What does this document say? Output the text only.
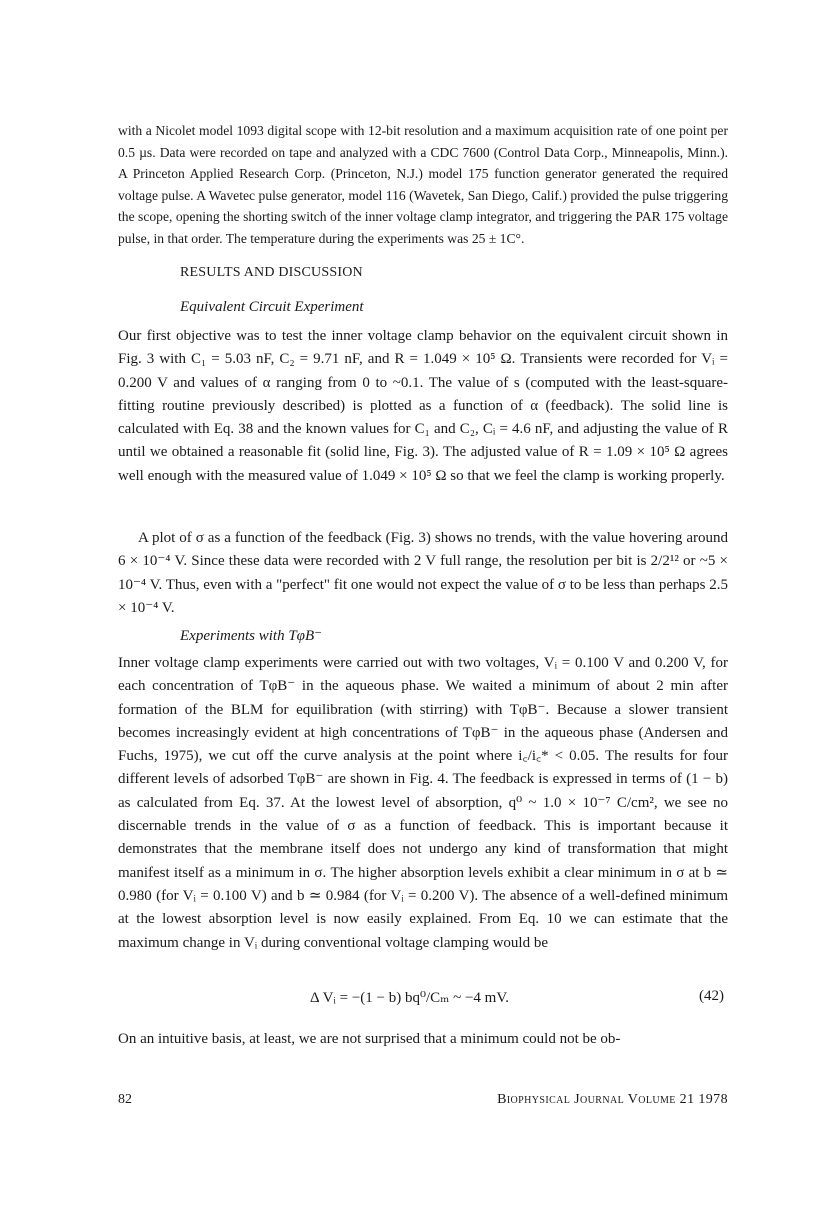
with a Nicolet model 1093 digital scope with 12-bit resolution and a maximum acquisition rate of one point per 0.5 µs. Data were recorded on tape and analyzed with a CDC 7600 (Control Data Corp., Minneapolis, Minn.). A Princeton Applied Research Corp. (Princeton, N.J.) model 175 function generator generated the required voltage pulse. A Wavetec pulse generator, model 116 (Wavetek, San Diego, Calif.) provided the pulse triggering the scope, opening the shorting switch of the inner voltage clamp integrator, and triggering the PAR 175 voltage pulse, in that order. The temperature during the experiments was 25 ± 1C°.

RESULTS AND DISCUSSION
Equivalent Circuit Experiment

Our first objective was to test the inner voltage clamp behavior on the equivalent circuit shown in Fig. 3 with C₁ = 5.03 nF, C₂ = 9.71 nF, and R = 1.049 × 10⁵ Ω. Transients were recorded for Vᵢ = 0.200 V and values of α ranging from 0 to ~0.1. The value of s (computed with the least-square-fitting routine previously described) is plotted as a function of α (feedback). The solid line is calculated with Eq. 38 and the known values for C₁ and C₂, Cᵢ = 4.6 nF, and adjusting the value of R until we obtained a reasonable fit (solid line, Fig. 3). The adjusted value of R = 1.09 × 10⁵ Ω agrees well enough with the measured value of 1.049 × 10⁵ Ω so that we feel the clamp is working properly.

A plot of σ as a function of the feedback (Fig. 3) shows no trends, with the value hovering around 6 × 10⁻⁴ V. Since these data were recorded with 2 V full range, the resolution per bit is 2/2¹² or ~5 × 10⁻⁴ V. Thus, even with a "perfect" fit one would not expect the value of σ to be less than perhaps 2.5 × 10⁻⁴ V.

Experiments with TφB⁻

Inner voltage clamp experiments were carried out with two voltages, Vᵢ = 0.100 V and 0.200 V, for each concentration of TφB⁻ in the aqueous phase. We waited a minimum of about 2 min after formation of the BLM for equilibration (with stirring) with TφB⁻. Because a slower transient becomes increasingly evident at high concentrations of TφB⁻ in the aqueous phase (Andersen and Fuchs, 1975), we cut off the curve analysis at the point where i꜀/i꜀* < 0.05. The results for four different levels of adsorbed TφB⁻ are shown in Fig. 4. The feedback is expressed in terms of (1 − b) as calculated from Eq. 37. At the lowest level of absorption, q⁰ ~ 1.0 × 10⁻⁷ C/cm², we see no discernable trends in the value of σ as a function of feedback. This is important because it demonstrates that the membrane itself does not undergo any kind of transformation that might manifest itself as a minimum in σ. The higher absorption levels exhibit a clear minimum in σ at b ≃ 0.980 (for Vᵢ = 0.100 V) and b ≃ 0.984 (for Vᵢ = 0.200 V). The absence of a well-defined minimum at the lowest absorption level is now easily explained. From Eq. 10 we can estimate that the maximum change in Vᵢ during conventional voltage clamping would be

Δ Vᵢ = −(1 − b) bq⁰/Cₘ ~ −4 mV.	(42)

On an intuitive basis, at least, we are not surprised that a minimum could not be ob-

82	Biophysical Journal Volume 21 1978
